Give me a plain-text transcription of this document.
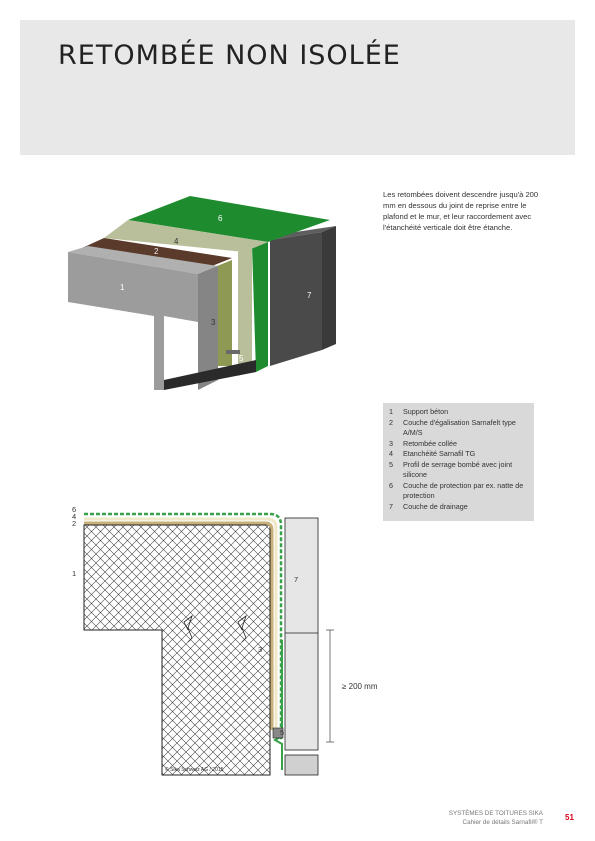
RETOMBÉE NON ISOLÉE

Les retombées doivent descendre jusqu'à 200 mm en dessous du joint de reprise entre le plafond et le mur, et leur raccordement avec l'étanchéité verticale doit être étanche.

6
4
2
1
3
5
7
1	Support béton
2	Couche d'égalisation Sarnafelt type A/M/S
3	Retombée collée
4	Etanchéité Sarnafil TG
5	Profil de serrage bombé avec joint silicone
6	Couche de protection par ex. natte de protection
7	Couche de drainage
≥ 200 mm
6
4
2
1
7
3
5
© Sika Schweiz AG / 2015
SYSTÈMES DE TOITURES SIKA
Cahier de détails Sarnafil® T
51
